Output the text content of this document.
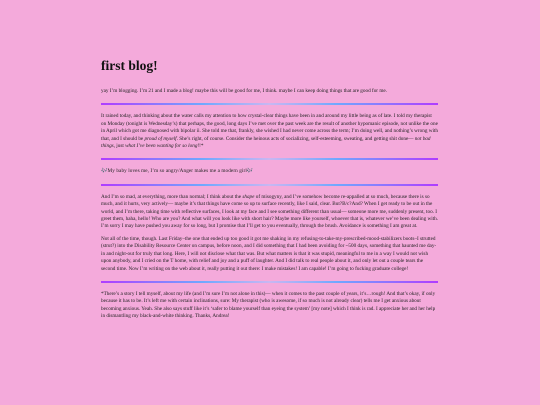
first blog!

yay I’m blogging. I’m 21 and I made a blog! maybe this will be good for me, I think. maybe I can keep doing things that are good for me.

It rained today, and thinking about the water calls my attention to how crystal-clear things have been in and around my little being as of late. I told my therapist on Monday (tonight is Wednesday’s) that perhaps, the good, long days I’ve met over the past week are the result of another hypomanic episode, not unlike the one in April which got me diagnosed with bipolar ii. She told me that, frankly, she wished I had never come across the term; I’m doing well, and nothing’s wrong with that, and I should be proud of myself. She’s right, of course. Consider the heinous acts of socializing, self-esteeming, sweating, and getting shit done— not bad things, just what I’ve been wanting for so long!!*

🎶My baby loves me, I’m so angry/Anger makes me a modern girl🎶

And I’m so mad, at everything, more than normal; I think about the shape of misogyny, and I’ve somehow become re-appalled at so much, because there is so much, and it hurts, very actively— maybe it’s that things have come so up to surface recently, like I said, clear. But?B/c?And? When I get ready to be out in the world, and I’m there, taking time with reflective surfaces, I look at my face and I see something different than usual— someone more me, suddenly present, too. I greet them, haha, hello! Who are you? And what will you look like with short hair? Maybe more like yourself, whoever that is, whatever we’ve been dealing with. I’m sorry I may have pushed you away for so long, but I promise that I’ll get to you eventually, through the brush. Avoidance is something I am great at.

Not all of the time, though. Last Friday–the one that ended up too good it got me shaking in my refusing-to-take-my-prescribed-mood-stabilizers boots–I strutted (strut?) into the Disability Resource Center on campus, before noon, and I did something that I had been avoiding for ~500 days, something that haunted me day-in and night-out for truly that long. Here, I will not disclose what that was. But what matters is that it was stupid, meaningful to me in a way I would not wish upon anybody, and I cried on the T home, with relief and joy and a puff of laughter. And I did talk to real people about it, and only let out a couple tears the second time. Now I’m writing on the web about it, really putting it out there: I make mistakes! I am capable! I’m going to fucking graduate college!

*There’s a story I tell myself, about my life (and I’m sure I’m not alone in this)— when it comes to the past couple of years, it’s…rough! And that’s okay, if only because it has to be. It’s left me with certain inclinations, sure: My therapist (who is awesome, if so much is not already clear) tells me I get anxious about becoming anxious. Yeah. She also says stuff like it’s ‘safer to blame yourself than eyeing the system’ [my note] which I think is rad. I appreciate her and her help in dismantling my black-and-white thinking. Thanks, Andrea!
